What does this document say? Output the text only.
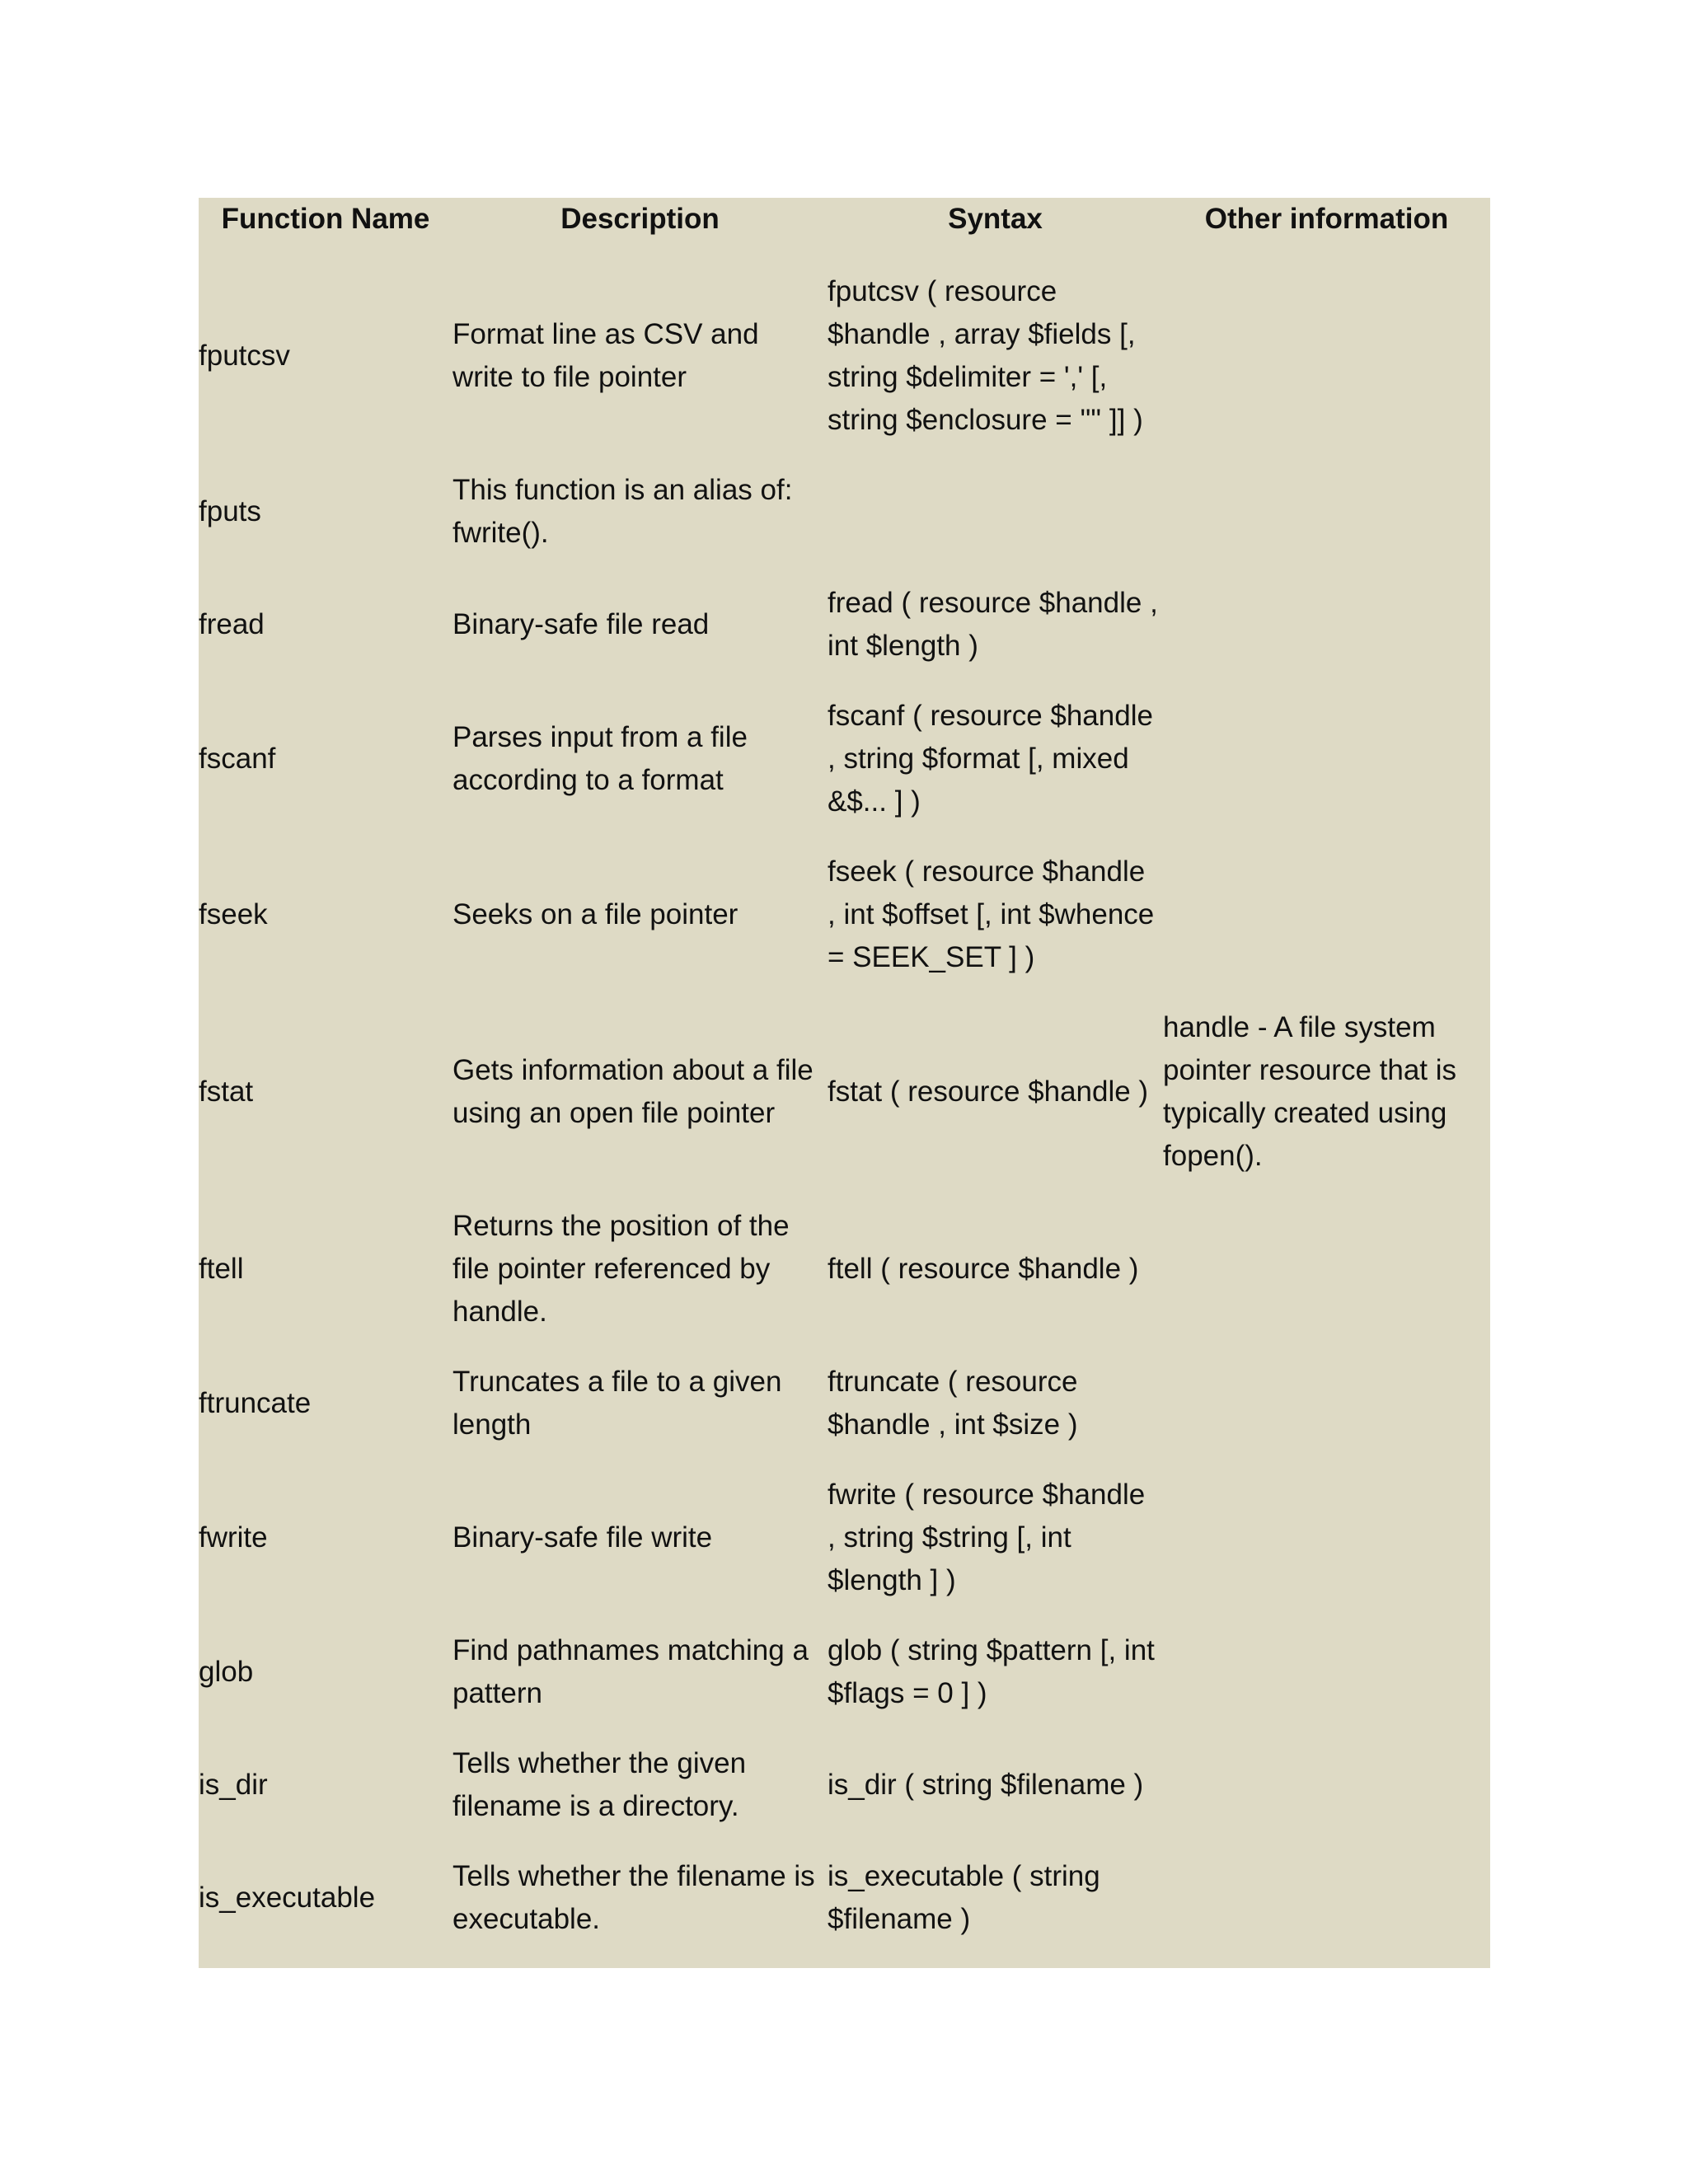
Function Name	Description	Syntax	Other information
fputcsv	Format line as CSV and write to file pointer	fputcsv ( resource $handle , array $fields [, string $delimiter = ',' [, string $enclosure = '"' ]] )	
fputs	This function is an alias of: fwrite().		
fread	Binary-safe file read	fread ( resource $handle , int $length )	
fscanf	Parses input from a file according to a format	fscanf ( resource $handle , string $format [, mixed &$... ] )	
fseek	Seeks on a file pointer	fseek ( resource $handle , int $offset [, int $whence = SEEK_SET ] )	
fstat	Gets information about a file using an open file pointer	fstat ( resource $handle )	handle - A file system pointer resource that is typically created using fopen().
ftell	Returns the position of the file pointer referenced by handle.	ftell ( resource $handle )	
ftruncate	Truncates a file to a given length	ftruncate ( resource $handle , int $size )	
fwrite	Binary-safe file write	fwrite ( resource $handle , string $string [, int $length ] )	
glob	Find pathnames matching a pattern	glob ( string $pattern [, int $flags = 0 ] )	
is_dir	Tells whether the given filename is a directory.	is_dir ( string $filename )	
is_executable	Tells whether the filename is executable.	is_executable ( string $filename )	
